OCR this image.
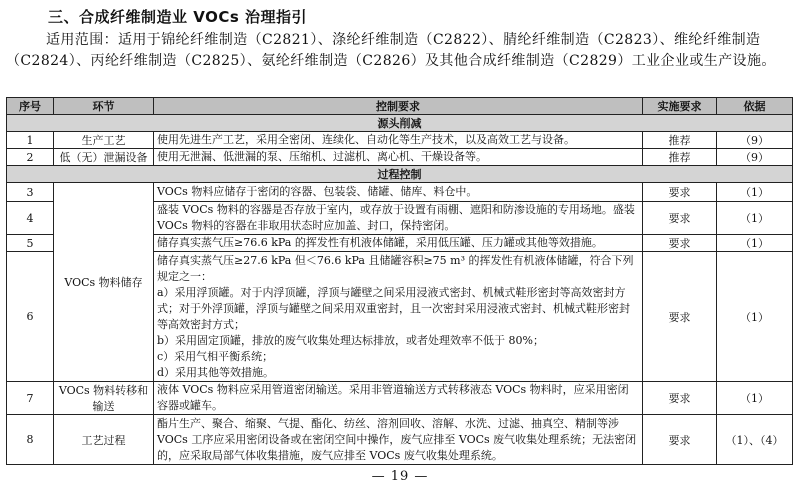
三、合成纤维制造业 VOCs 治理指引
适用范围：适用于锦纶纤维制造（C2821）、涤纶纤维制造（C2822）、腈纶纤维制造（C2823）、维纶纤维制造（C2824）、丙纶纤维制造（C2825）、氨纶纤维制造（C2826）及其他合成纤维制造（C2829）工业企业或生产设施。
序号	环节	控制要求	实施要求	依据
源头削减				
1	生产工艺	使用先进生产工艺，采用全密闭、连续化、自动化等生产技术，以及高效工艺与设备。	推荐	（9）
2	低（无）泄漏设备	使用无泄漏、低泄漏的泵、压缩机、过滤机、离心机、干燥设备等。	推荐	（9）
过程控制				
3	VOCs 物料储存	VOCs 物料应储存于密闭的容器、包装袋、储罐、储库、料仓中。	要求	（1）
4		盛装 VOCs 物料的容器是否存放于室内，或存放于设置有雨棚、遮阳和防渗设施的专用场地。盛装 VOCs 物料的容器在非取用状态时应加盖、封口，保持密闭。	要求	（1）
5		储存真实蒸气压≥76.6 kPa 的挥发性有机液体储罐，采用低压罐、压力罐或其他等效措施。	要求	（1）
6		储存真实蒸气压≥27.6 kPa 但＜76.6 kPa 且储罐容积≥75 m³ 的挥发性有机液体储罐，符合下列规定之一：

a）采用浮顶罐。对于内浮顶罐，浮顶与罐壁之间采用浸液式密封、机械式鞋形密封等高效密封方式；对于外浮顶罐，浮顶与罐壁之间采用双重密封，且一次密封采用浸液式密封、机械式鞋形密封等高效密封方式；

b）采用固定顶罐，排放的废气收集处理达标排放，或者处理效率不低于 80%；

c）采用气相平衡系统；

d）采用其他等效措施。	要求	（1）
7	VOCs 物料转移和输送	液体 VOCs 物料应采用管道密闭输送。采用非管道输送方式转移液态 VOCs 物料时，应采用密闭容器或罐车。	要求	（1）
8	工艺过程	酯片生产、聚合、缩聚、气提、酯化、纺丝、溶剂回收、溶解、水洗、过滤、抽真空、精制等涉 VOCs 工序应采用密闭设备或在密闭空间中操作，废气应排至 VOCs 废气收集处理系统；无法密闭的，应采取局部气体收集措施，废气应排至 VOCs 废气收集处理系统。	要求	（1）、（4）
— 19 —
